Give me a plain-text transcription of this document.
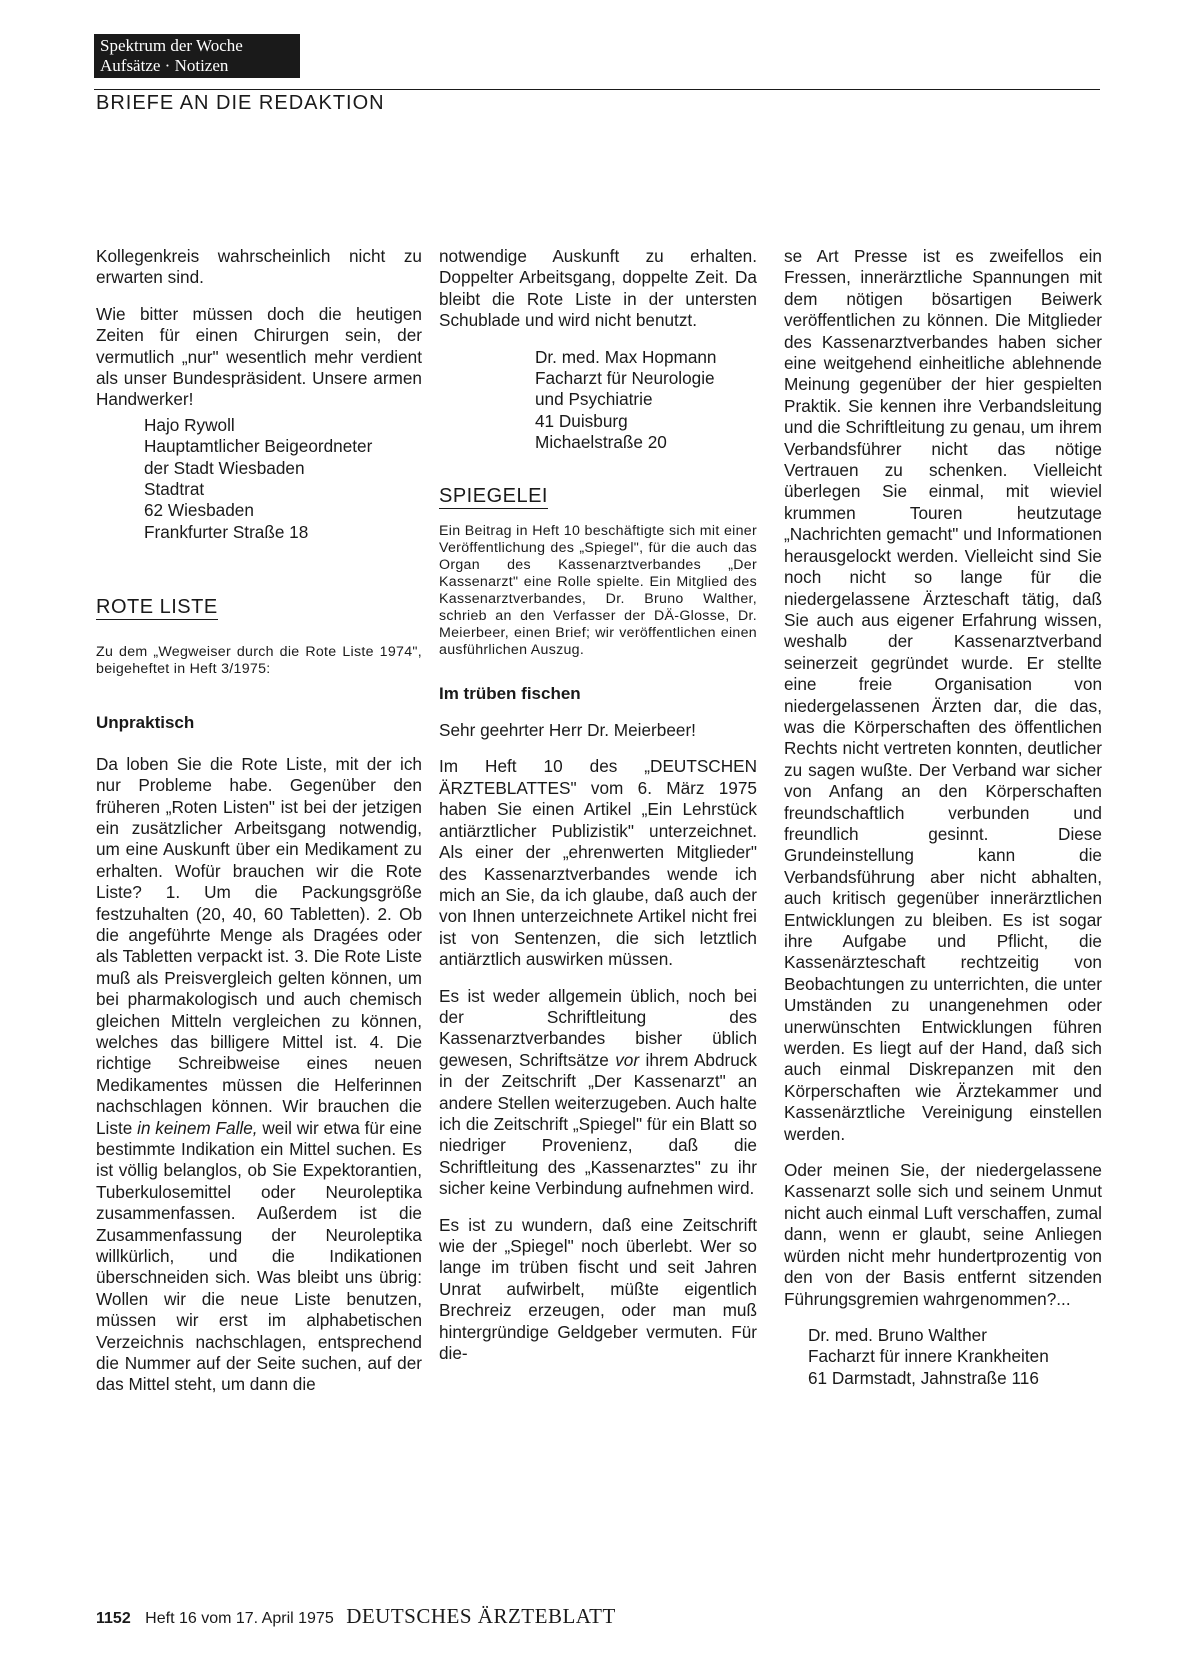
Spektrum der Woche
Aufsätze · Notizen
BRIEFE AN DIE REDAKTION

Kollegenkreis wahrscheinlich nicht zu erwarten sind.

Wie bitter müssen doch die heutigen Zeiten für einen Chirurgen sein, der vermutlich „nur" wesentlich mehr verdient als unser Bundespräsident. Unsere armen Handwerker!

Hajo Rywoll
Hauptamtlicher Beigeordneter
der Stadt Wiesbaden
Stadtrat
62 Wiesbaden
Frankfurter Straße 18

ROTE LISTE

Zu dem „Wegweiser durch die Rote Liste 1974", beigeheftet in Heft 3/1975:

Unpraktisch

Da loben Sie die Rote Liste, mit der ich nur Probleme habe. Gegenüber den früheren „Roten Listen" ist bei der jetzigen ein zusätzlicher Arbeitsgang notwendig, um eine Auskunft über ein Medikament zu erhalten. Wofür brauchen wir die Rote Liste? 1. Um die Packungsgröße festzuhalten (20, 40, 60 Tabletten). 2. Ob die angeführte Menge als Dragées oder als Tabletten verpackt ist. 3. Die Rote Liste muß als Preisvergleich gelten können, um bei pharmakologisch und auch chemisch gleichen Mitteln vergleichen zu können, welches das billigere Mittel ist. 4. Die richtige Schreibweise eines neuen Medikamentes müssen die Helferinnen nachschlagen können. Wir brauchen die Liste in keinem Falle, weil wir etwa für eine bestimmte Indikation ein Mittel suchen. Es ist völlig belanglos, ob Sie Expektorantien, Tuberkulosemittel oder Neuroleptika zusammenfassen. Außerdem ist die Zusammenfassung der Neuroleptika willkürlich, und die Indikationen überschneiden sich. Was bleibt uns übrig: Wollen wir die neue Liste benutzen, müssen wir erst im alphabetischen Verzeichnis nachschlagen, entsprechend die Nummer auf der Seite suchen, auf der das Mittel steht, um dann die

notwendige Auskunft zu erhalten. Doppelter Arbeitsgang, doppelte Zeit. Da bleibt die Rote Liste in der untersten Schublade und wird nicht benutzt.

Dr. med. Max Hopmann
Facharzt für Neurologie
und Psychiatrie
41 Duisburg
Michaelstraße 20

SPIEGELEI

Ein Beitrag in Heft 10 beschäftigte sich mit einer Veröffentlichung des „Spiegel", für die auch das Organ des Kassenarztverbandes „Der Kassenarzt" eine Rolle spielte. Ein Mitglied des Kassenarztverbandes, Dr. Bruno Walther, schrieb an den Verfasser der DÄ-Glosse, Dr. Meierbeer, einen Brief; wir veröffentlichen einen ausführlichen Auszug.

Im trüben fischen

Sehr geehrter Herr Dr. Meierbeer!

Im Heft 10 des „DEUTSCHEN ÄRZTEBLATTES" vom 6. März 1975 haben Sie einen Artikel „Ein Lehrstück antiärztlicher Publizistik" unterzeichnet. Als einer der „ehrenwerten Mitglieder" des Kassenarztverbandes wende ich mich an Sie, da ich glaube, daß auch der von Ihnen unterzeichnete Artikel nicht frei ist von Sentenzen, die sich letztlich antiärztlich auswirken müssen.

Es ist weder allgemein üblich, noch bei der Schriftleitung des Kassenarztverbandes bisher üblich gewesen, Schriftsätze vor ihrem Abdruck in der Zeitschrift „Der Kassenarzt" an andere Stellen weiterzugeben. Auch halte ich die Zeitschrift „Spiegel" für ein Blatt so niedriger Provenienz, daß die Schriftleitung des „Kassenarztes" zu ihr sicher keine Verbindung aufnehmen wird.

Es ist zu wundern, daß eine Zeitschrift wie der „Spiegel" noch überlebt. Wer so lange im trüben fischt und seit Jahren Unrat aufwirbelt, müßte eigentlich Brechreiz erzeugen, oder man muß hintergründige Geldgeber vermuten. Für die-

se Art Presse ist es zweifellos ein Fressen, innerärztliche Spannungen mit dem nötigen bösartigen Beiwerk veröffentlichen zu können. Die Mitglieder des Kassenarztverbandes haben sicher eine weitgehend einheitliche ablehnende Meinung gegenüber der hier gespielten Praktik. Sie kennen ihre Verbandsleitung und die Schriftleitung zu genau, um ihrem Verbandsführer nicht das nötige Vertrauen zu schenken. Vielleicht überlegen Sie einmal, mit wieviel krummen Touren heutzutage „Nachrichten gemacht" und Informationen herausgelockt werden. Vielleicht sind Sie noch nicht so lange für die niedergelassene Ärzteschaft tätig, daß Sie auch aus eigener Erfahrung wissen, weshalb der Kassenarztverband seinerzeit gegründet wurde. Er stellte eine freie Organisation von niedergelassenen Ärzten dar, die das, was die Körperschaften des öffentlichen Rechts nicht vertreten konnten, deutlicher zu sagen wußte. Der Verband war sicher von Anfang an den Körperschaften freundschaftlich verbunden und freundlich gesinnt. Diese Grundeinstellung kann die Verbandsführung aber nicht abhalten, auch kritisch gegenüber innerärztlichen Entwicklungen zu bleiben. Es ist sogar ihre Aufgabe und Pflicht, die Kassenärzteschaft rechtzeitig von Beobachtungen zu unterrichten, die unter Umständen zu unangenehmen oder unerwünschten Entwicklungen führen werden. Es liegt auf der Hand, daß sich auch einmal Diskrepanzen mit den Körperschaften wie Ärztekammer und Kassenärztliche Vereinigung einstellen werden.

Oder meinen Sie, der niedergelassene Kassenarzt solle sich und seinem Unmut nicht auch einmal Luft verschaffen, zumal dann, wenn er glaubt, seine Anliegen würden nicht mehr hundertprozentig von den von der Basis entfernt sitzenden Führungsgremien wahrgenommen?...

Dr. med. Bruno Walther
Facharzt für innere Krankheiten
61 Darmstadt, Jahnstraße 116

1152 Heft 16 vom 17. April 1975 DEUTSCHES ÄRZTEBLATT
